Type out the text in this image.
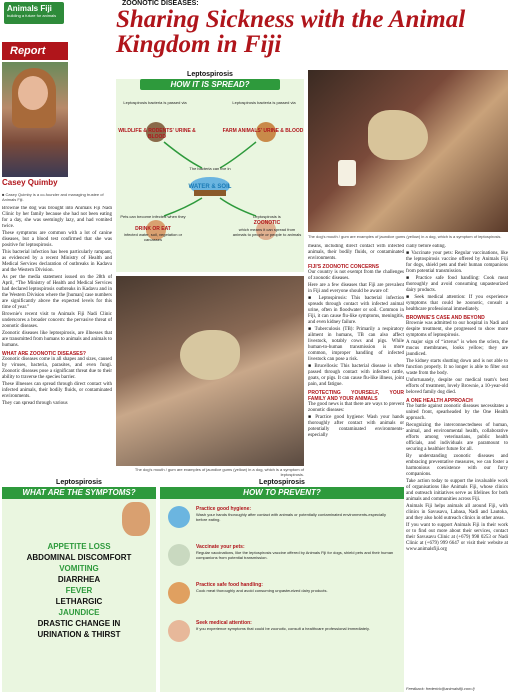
Animals Fiji
building a future for animals
ZOONOTIC DISEASES:
Sharing Sickness with the Animal Kingdom in Fiji
Report
Casey Quimby
■ Casey Quimby is a co-founder and managing trustee of Animals Fiji.

Brownie the dog was brought into Animals Fiji Nadi Clinic by her family because she had not been eating for a day, she was seemingly lazy, and had vomited twice.

These symptoms are common with a lot of canine diseases, but a blood test confirmed that she was positive for leptospirosis.

This bacterial infection has been particularly rampant, as evidenced by a recent Ministry of Health and Medical Services declaration of outbreaks in Kadavu and the Western Division.

As per the media statement issued on the 28th of April, “The Ministry of Health and Medical Services had declared leptospirosis outbreaks in Kadavu and in the Western Division where the [human] case numbers are significantly above the expected levels for this time of year.”

Brownie's recent visit to Animals Fiji Nadi Clinic underscores a broader concern: the pervasive threat of zoonotic diseases.

Zoonotic diseases like leptospirosis, are illnesses that are transmitted from humans to animals and animals to humans.

WHAT ARE ZOONOTIC DISEASES?

Zoonotic diseases come in all shapes and sizes, caused by viruses, bacteria, parasites, and even fungi. Zoonotic diseases pose a significant threat due to their ability to traverse the species barrier.

These illnesses can spread through direct contact with infected animals, their bodily fluids, or contaminated environments.

They can spread through various

Leptospirosis
HOW IT IS SPREAD?
Leptospirosis bacteria is passed via
WILDLIFE & RODENTS' URINE & BLOOD
Leptospirosis bacteria is passed via
FARM ANIMALS' URINE & BLOOD
The bacteria can live in
WATER & SOIL
Pets can become infected when they
DRINK OR EAT
infected water, soil, vegetation or carcasses
Leptospirosis is
ZOONOTIC
which means it can spread from animals to people or people to animals The dog's mouth / gum are examples of jaundice gums (yellow) in a dog, which is a symptom of leptospirosis.
The dog's mouth / gum are examples of jaundice gums (yellow) in a dog, which is a symptom of leptospirosis.

means, including direct contact with infected animals, their bodily fluids, or contaminated environments.

FIJI'S ZOONOTIC CONCERNS

Our country is not exempt from the challenges of zoonotic diseases.

Here are a few diseases that Fiji are prevalent in Fiji and everyone should be aware of:

■ Leptospirosis: This bacterial infection spreads through contact with infected animal urine, often in floodwater or soil. Common in Fiji, it can cause flu-like symptoms, meningitis, and even kidney failure.

■ Tuberculosis (TB): Primarily a respiratory ailment in humans, TB can also affect livestock, notably cows and pigs. While human-to-human transmission is more common, improper handling of infected livestock can pose a risk.

■ Brucellosis: This bacterial disease is often passed through contact with infected cattle, goats, or pigs. It can cause flu-like illness, joint pain, and fatigue.

PROTECTING YOURSELF, YOUR FAMILY AND YOUR ANIMALS

The good news is that there are ways to prevent zoonotic diseases:

■ Practice good hygiene: Wash your hands thoroughly after contact with animals or potentially contaminated environments-especially

cially before eating.

■ Vaccinate your pets: Regular vaccinations, like the leptospirosis vaccine offered by Animals Fiji for dogs, shield pets and their human companions from potential transmission.

■ Practice safe food handling: Cook meat thoroughly and avoid consuming unpasteurized dairy products.

■ Seek medical attention: If you experience symptoms that could be zoonotic, consult a healthcare professional immediately.

BROWNIE'S CASE AND BEYOND

Brownie was admitted to our hospital in Nadi and despite treatment, she progressed to show more symptoms of leptospirosis.

A major sign of “icterus” is when the sclera, the mucus membranes, looks yellow; they are jaundiced.

The kidney starts shutting down and is not able to function properly. It no longer is able to filter out waste from the body.

Unfortunately, despite our medical team's best efforts of treatment, lovely Brownie, a 10-year-old beloved family dog died.

A ONE HEALTH APPROACH

The battle against zoonotic diseases necessitates a united front, spearheaded by the One Health approach.

Recognizing the interconnectedness of human, animal, and environmental health, collaborative efforts among veterinarians, public health officials, and individuals are paramount to securing a healthier future for all.

By understanding zoonotic diseases and embracing preventative measures, we can foster a harmonious coexistence with our furry companions.

Take action today to support the invaluable work of organisations like Animals Fiji, whose clinics and outreach initiatives serve as lifelines for both animals and communities across Fiji.

Animals Fiji helps animals all around Fiji, with clinics in Savusavu, Labasa, Nadi and Lautoka, and they also hold outreach clinics in other areas.

If you want to support Animals Fiji in their work or to find out more about their services, contact their Savusavu Clinic at (+679) 998 0253 or Nadi Clinic at (+679) 999 6647 or visit their website at www.animalsfiji.org

Feedback: frederick@animalsfiji.com.fj
Leptospirosis
WHAT ARE THE SYMPTOMS?
APPETITE LOSS
ABDOMINAL DISCOMFORT
VOMITING
DIARRHEA
FEVER
LETHARGIC
JAUNDICE
DRASTIC CHANGE IN
URINATION & THIRST
Leptospirosis
HOW TO PREVENT?
Practice good hygiene:
Wash your hands thoroughly after contact with animals or potentially contaminated environments-especially before eating.
Vaccinate your pets:
Regular vaccinations, like the leptospirosis vaccine offered by Animals Fiji for dogs, shield pets and their human companions from potential transmission.
Practice safe food handling:
Cook meat thoroughly and avoid consuming unpasteurized dairy products.
Seek medical attention:
If you experience symptoms that could be zoonotic, consult a healthcare professional immediately.
